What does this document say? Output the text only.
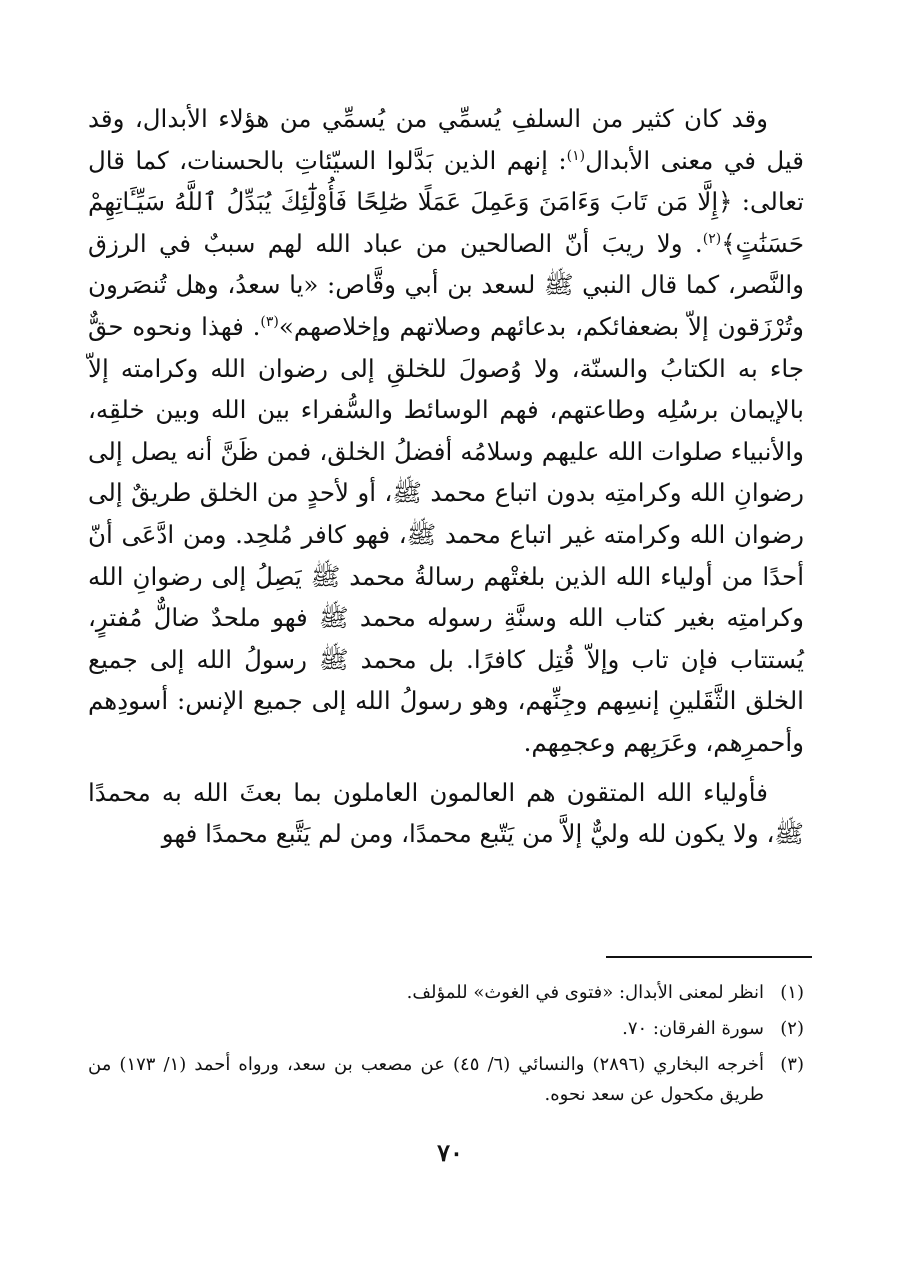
وقد كان كثير من السلفِ يُسمِّي من يُسمِّي من هؤلاء الأبدال، وقد قيل في معنى الأبدال$^{(١)}$: إنهم الذين بَدَّلوا السيّئاتِ بالحسنات، كما قال تعالى: ﴿إِلَّا مَن تَابَ وَءَامَنَ وَعَمِلَ عَمَلًا صَٰلِحًا فَأُوْلَٰٓئِكَ يُبَدِّلُ ٱللَّهُ سَيِّـَٔاتِهِمْ حَسَنَٰتٍ﴾$^{(٢)}$. ولا ريبَ أنّ الصالحين من عباد الله لهم سببٌ في الرزق والنَّصر، كما قال النبي ﷺ لسعد بن أبي وقَّاص: «يا سعدُ، وهل تُنصَرون وتُرْزَقون إلاّ بضعفائكم، بدعائهم وصلاتهم وإخلاصهم»$^{(٣)}$. فهذا ونحوه حقٌّ جاء به الكتابُ والسنّة، ولا وُصولَ للخلقِ إلى رضوان الله وكرامته إلاّ بالإيمان برسُلِه وطاعتهم، فهم الوسائط والسُّفراء بين الله وبين خلقِه، والأنبياء صلوات الله عليهم وسلامُه أفضلُ الخلق، فمن ظَنَّ أنه يصل إلى رضوانِ الله وكرامتِه بدون اتباع محمد ﷺ، أو لأحدٍ من الخلق طريقٌ إلى رضوان الله وكرامته غير اتباع محمد ﷺ، فهو كافر مُلحِد. ومن ادَّعَى أنّ أحدًا من أولياء الله الذين بلغتْهم رسالةُ محمد ﷺ يَصِلُ إلى رضوانِ الله وكرامتِه بغير كتاب الله وسنَّةِ رسوله محمد ﷺ فهو ملحدٌ ضالٌّ مُفترٍ، يُستتاب فإن تاب وإلاّ قُتِل كافرًا. بل محمد ﷺ رسولُ الله إلى جميع الخلق الثَّقَلينِ إنسِهم وجِنِّهم، وهو رسولُ الله إلى جميع الإنس: أسودِهم وأحمرِهم، وعَرَبِهم وعجمِهم.

فأولياء الله المتقون هم العالمون العاملون بما بعثَ الله به محمدًا ﷺ، ولا يكون لله وليٌّ إلاَّ من يَتّبع محمدًا، ومن لم يَتَّبع محمدًا فهو

(١)
انظر لمعنى الأبدال: «فتوى في الغوث» للمؤلف.
(٢)
سورة الفرقان: ٧٠.
(٣)
أخرجه البخاري (٢٨٩٦) والنسائي (٦/ ٤٥) عن مصعب بن سعد، ورواه أحمد (١/ ١٧٣) من طريق مكحول عن سعد نحوه.
٧٠
